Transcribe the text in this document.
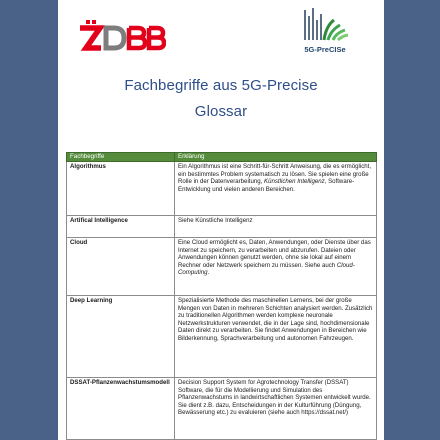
5G-PreCISe
Fachbegriffe aus 5G-Precise
Glossar
Fachbegriffe	Erklärung
Algorithmus	Ein Algorithmus ist eine Schritt-für-Schritt Anweisung, die es ermöglicht, ein bestimmtes Problem systematisch zu lösen. Sie spielen eine große Rolle in der Datenverarbeitung, Künstlichen Intelligenz, Software-Entwicklung und vielen anderen Bereichen.
Artifical Intelligence	Siehe Künstliche Intelligenz
Cloud	Eine Cloud ermöglicht es, Daten, Anwendungen, oder Dienste über das Internet zu speichern, zu verarbeiten und abzurufen. Dateien oder Anwendungen können genutzt werden, ohne sie lokal auf einem Rechner oder Netzwerk speichern zu müssen. Siehe auch Cloud-Computing.
Deep Learning	Spezialisierte Methode des maschinellen Lernens, bei der große Mengen von Daten in mehreren Schichten analysiert werden. Zusätzlich zu traditionellen Algorithmen werden komplexe neuronale Netzwerkstrukturen verwendet, die in der Lage sind, hochdimensionale Daten direkt zu verarbeiten. Sie findet Anwendungen in Bereichen wie Bilderkennung, Sprachverarbeitung und autonomen Fahrzeugen.
DSSAT-Pflanzenwachstumsmodell	Decision Support System for Agrotechnology Transfer (DSSAT)
Software, die für die Modellierung und Simulation des Pflanzenwachstums in landwirtschaftlichen Systemen entwickelt wurde. Sie dient z.B. dazu, Entscheidungen in der Kulturführung (Düngung, Bewässerung etc.) zu evaluieren (siehe auch https://dssat.net/)
